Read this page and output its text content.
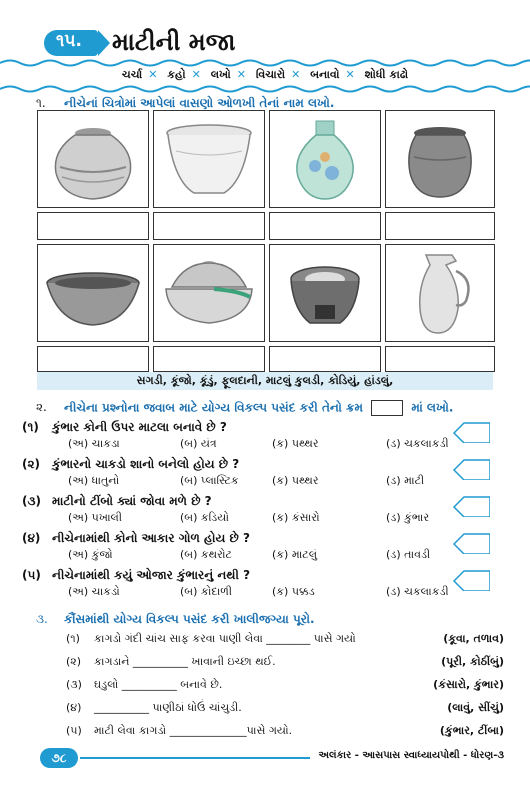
૧૫. માટીની મજા
ચર્ચા ✕ કહો ✕ લખો ✕ વિચારો ✕ બનાવો ✕ શોધી કાઢો
૧. નીચેનાં ચિત્રોમાં આપેલાં વાસણો ઓળખી તેનાં નામ લખો.
સગડી, કૂંજો, કૂંડું, ફૂલદાની, માટલું કુલડી, કોડિયું, હાંડલું,
૨. નીચેના પ્રશ્નોના જવાબ માટે યોગ્ય વિકલ્પ પસંદ કરી તેનો ક્રમ	માં લખો.
(૧) કુંભાર કોની ઉપર માટલા બનાવે છે ?
(અ) ચાકડા	(બ) યંત્ર	(ક) પથ્થર	(ડ) ચકલાકડી
(૨) કુંભારનો ચાકડો શાનો બનેલો હોય છે ?
(અ) ધાતુનો	(બ) પ્લાસ્ટિક	(ક) પથ્થર	(ડ) માટી
(૩) માટીનો ટીંબો ક્યાં જોવા મળે છે ?
(અ) પખાલી	(બ) કડિયો	(ક) કંસારો	(ડ) કુંભાર
(૪) નીચેનામાંથી કોનો આકાર ગોળ હોય છે ?
(અ) કુંજો	(બ) કથરોટ	(ક) માટલું	(ડ) તાવડી
(૫) નીચેનામાંથી કયું ઓજાર કુંભારનું નથી ?
(અ) ચાકડો	(બ) કોદાળી	(ક) પક્કડ	(ડ) ચકલાકડી
૩. કૌંસમાંથી યોગ્ય વિકલ્પ પસંદ કરી ખાલીજગ્યા પૂરો.
(૧) કાગડો ગંદી ચાંચ સાફ કરવા પાણી લેવા ________ પાસે ગયો	(કૂવા, તળાવ)
(૨) કાગડાને __________ ખાવાની ઇચ્છા થઈ.	(પૂરી, કોઠીંબું)
(૩) ઘડુલો __________ બનાવે છે.	(કંસારો, કુંભાર)
(૪) __________ પાણીઠાં ધોઉં ચાંચુડી.	(લાવું, સીંચું)
(૫) માટી લેવા કાગડો ______________પાસે ગયો.	(કુંભાર, ટીંબા)
૭૮	અલંકાર - આસપાસ સ્વાધ્યાયપોથી - ધોરણ-૩
